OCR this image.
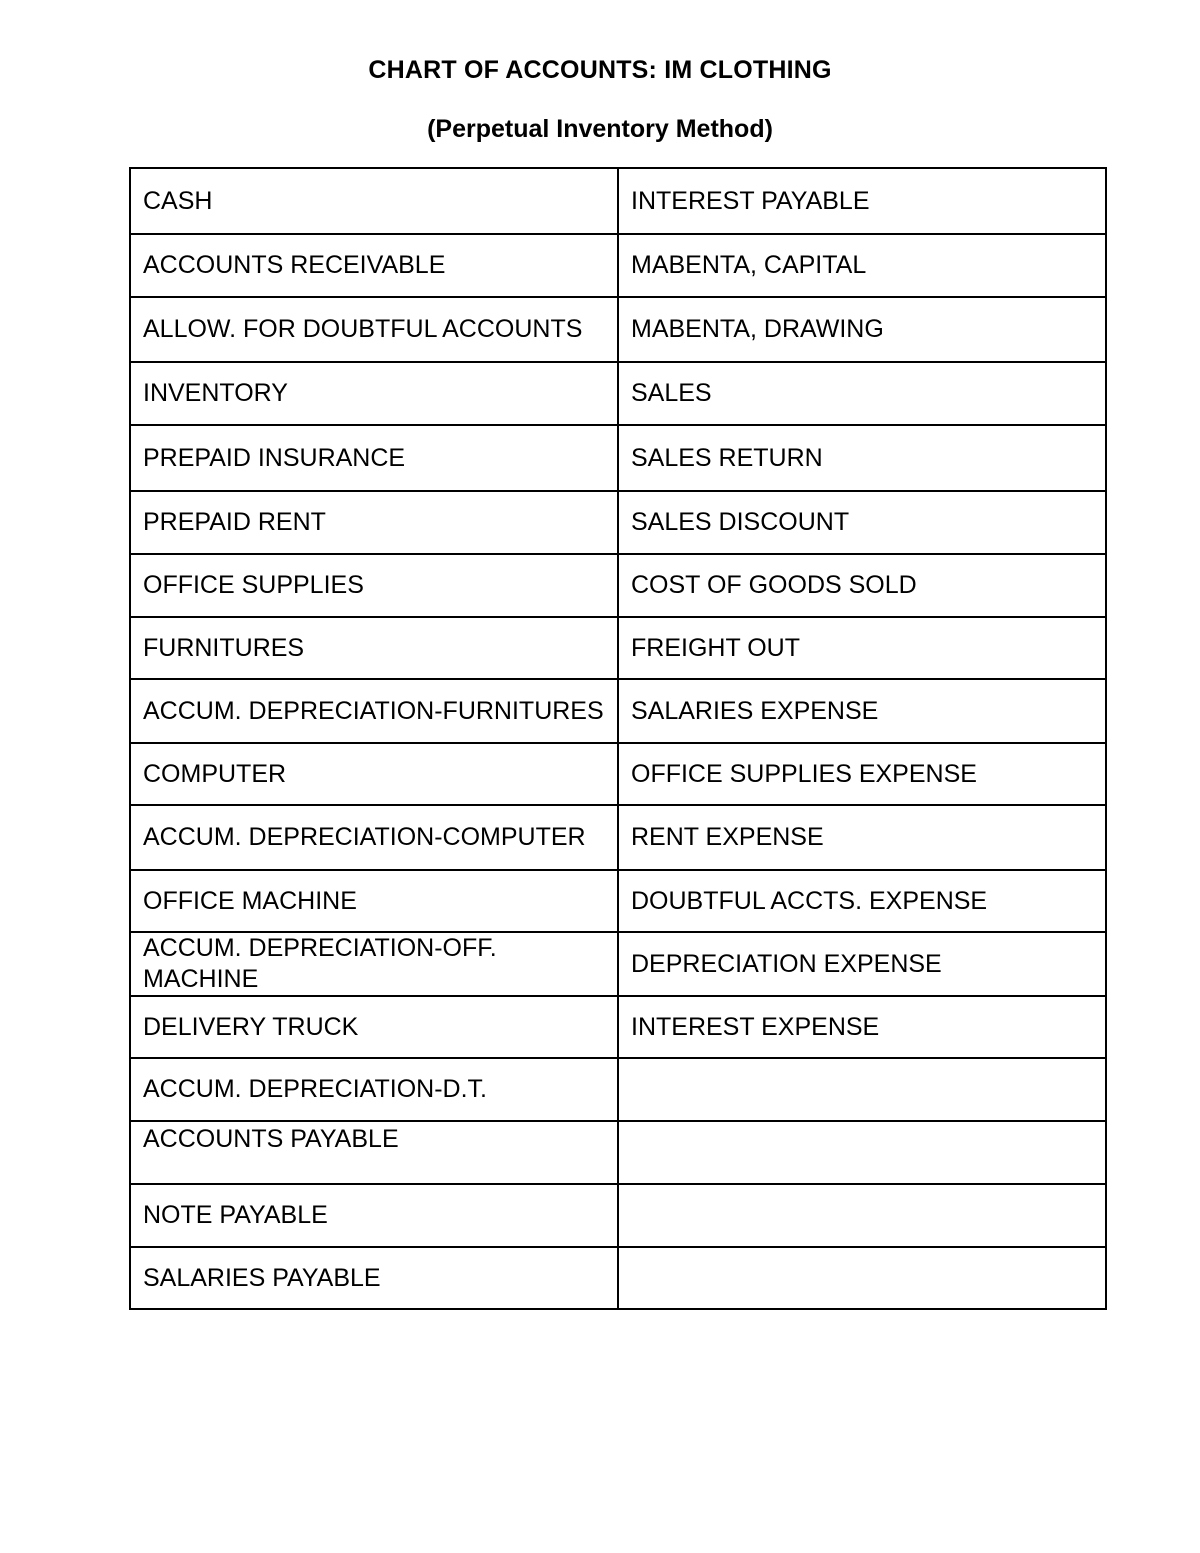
CHART OF ACCOUNTS: IM CLOTHING
(Perpetual Inventory Method)
CASH	INTEREST PAYABLE
ACCOUNTS RECEIVABLE	MABENTA, CAPITAL
ALLOW. FOR DOUBTFUL ACCOUNTS	MABENTA, DRAWING
INVENTORY	SALES
PREPAID INSURANCE	SALES RETURN
PREPAID RENT	SALES DISCOUNT
OFFICE SUPPLIES	COST OF GOODS SOLD
FURNITURES	FREIGHT OUT
ACCUM. DEPRECIATION-FURNITURES	SALARIES EXPENSE
COMPUTER	OFFICE SUPPLIES EXPENSE
ACCUM. DEPRECIATION-COMPUTER	RENT EXPENSE
OFFICE MACHINE	DOUBTFUL ACCTS. EXPENSE
ACCUM. DEPRECIATION-OFF. MACHINE	DEPRECIATION EXPENSE
DELIVERY TRUCK	INTEREST EXPENSE
ACCUM. DEPRECIATION-D.T.	
ACCOUNTS PAYABLE	
NOTE PAYABLE	
SALARIES PAYABLE	
